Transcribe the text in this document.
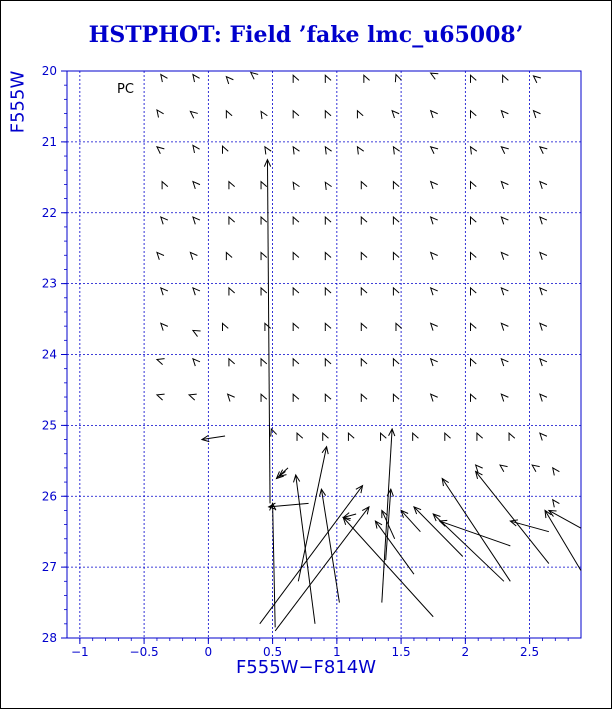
HSTPHOT: Field ’fake lmc_u65008’
F555W
F555W−F814W
−1	−0.5	0	0.5	1	1.5	2	2.5
20
21
22
23
24
25
26
27
28
PC
